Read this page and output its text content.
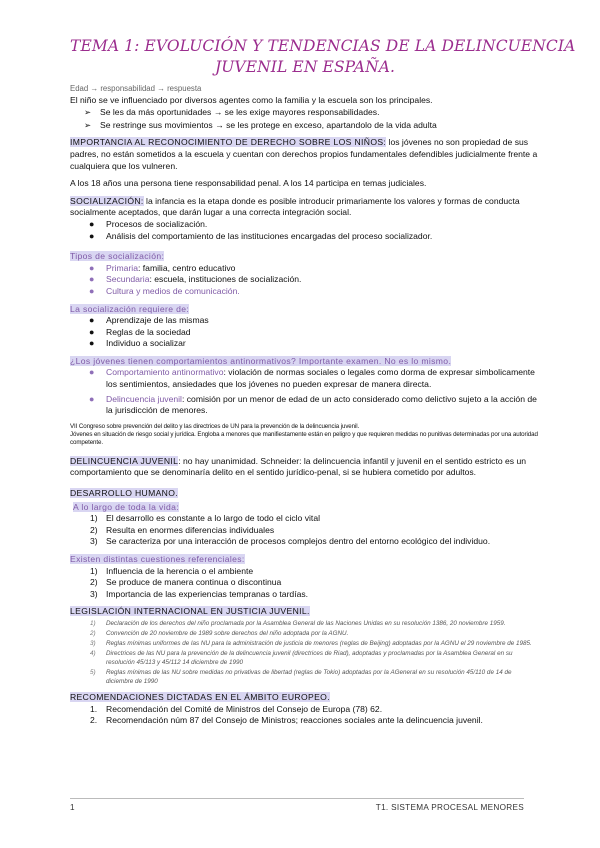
TEMA 1: EVOLUCIÓN Y TENDENCIAS DE LA DELINCUENCIA
JUVENIL EN ESPAÑA.

Edad → responsabilidad → respuesta

El niño se ve influenciado por diversos agentes como la familia y la escuela son los principales.

➢ Se les da más oportunidades → se les exige mayores responsabilidades.
➢ Se restringe sus movimientos → se les protege en exceso, apartandolo de la vida adulta

IMPORTANCIA AL RECONOCIMIENTO DE DERECHO SOBRE LOS NIÑOS: los jóvenes no son propiedad de sus padres, no están sometidos a la escuela y cuentan con derechos propios fundamentales defendibles judicialmente frente a cualquiera que los vulneren.

A los 18 años una persona tiene responsabilidad penal. A los 14 participa en temas judiciales.

SOCIALIZACIÓN: la infancia es la etapa donde es posible introducir primariamente los valores y formas de conducta socialmente aceptados, que darán lugar a una correcta integración social.

● Procesos de socialización.
● Análisis del comportamiento de las instituciones encargadas del proceso socializador.

Tipos de socialización:

● Primaria: familia, centro educativo
● Secundaria: escuela, instituciones de socialización.
● Cultura y medios de comunicación.

La socialización requiere de:

● Aprendizaje de las mismas
● Reglas de la sociedad
● Individuo a socializar

¿Los jóvenes tienen comportamientos antinormativos? Importante examen. No es lo mismo.

● Comportamiento antinormativo: violación de normas sociales o legales como dorma de expresar simbolicamente los sentimientos, ansiedades que los jóvenes no pueden expresar de manera directa.
● Delincuencia juvenil: comisión por un menor de edad de un acto considerado como delictivo sujeto a la acción de la jurisdicción de menores.

VII Congreso sobre prevención del delito y las directrices de UN para la prevención de la delincuencia juvenil.

Jóvenes en situación de riesgo social y jurídica. Engloba a menores que manifiestamente están en peligro y que requieren medidas no punitivas determinadas por una autoridad competente.

DELINCUENCIA JUVENIL: no hay unanimidad. Schneider: la delincuencia infantil y juvenil en el sentido estricto es un comportamiento que se denominaría delito en el sentido jurídico-penal, si se hubiera cometido por adultos.

DESARROLLO HUMANO.

A lo largo de toda la vida:

1) El desarrollo es constante a lo largo de todo el ciclo vital
2) Resulta en enormes diferencias individuales
3) Se caracteriza por una interacción de procesos complejos dentro del entorno ecológico del individuo.

Existen distintas cuestiones referenciales:

1) Influencia de la herencia o el ambiente
2) Se produce de manera continua o discontinua
3) Importancia de las experiencias tempranas o tardías.

LEGISLACIÓN INTERNACIONAL EN JUSTICIA JUVENIL.

1) Declaración de los derechos del niño proclamada por la Asamblea General de las Naciones Unidas en su resolución 1386, 20 noviembre 1959.
2) Convención de 20 noviembre de 1989 sobre derechos del niño adoptada por la AGNU.
3) Reglas mínimas uniformes de las NU para la administración de justicia de menores (reglas de Beijing) adoptadas por la AGNU el 29 noviembre de 1985.
4) Directrices de las NU para la prevención de la delincuencia juvenil (directrices de Riad), adoptadas y proclamadas por la Asamblea General en su resolución 45/113 y 45/112 14 diciembre de 1990
5) Reglas mínimas de las NU sobre medidas no privativas de libertad (reglas de Tokio) adoptadas por la AGeneral en su resolución 45/110 de 14 de diciembre de 1990

RECOMENDACIONES DICTADAS EN EL ÁMBITO EUROPEO.

1. Recomendación del Comité de Ministros del Consejo de Europa (78) 62.
2. Recomendación núm 87 del Consejo de Ministros; reacciones sociales ante la delincuencia juvenil.
1	T1. SISTEMA PROCESAL MENORES
